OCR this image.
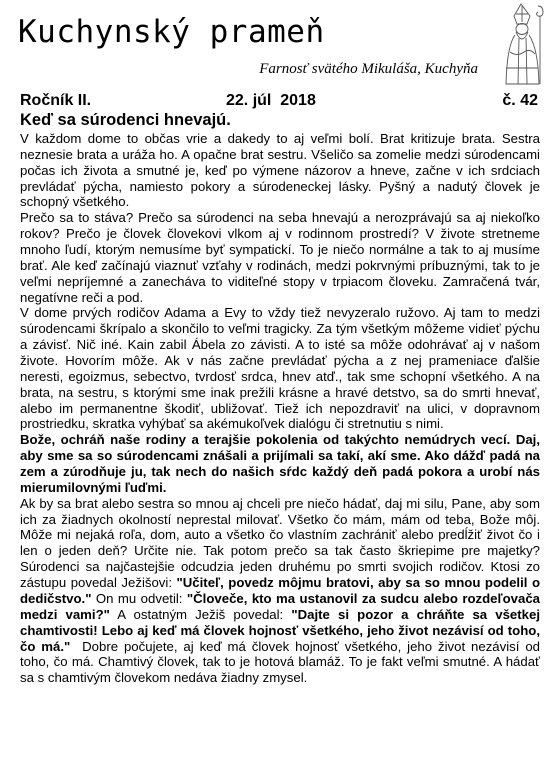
Kuchynský prameň
Farnosť svätého Mikuláša, Kuchyňa
Ročník II.	22. júl  2018	č. 42
Keď sa súrodenci hnevajú.

V každom dome to občas vrie a dakedy to aj veľmi bolí. Brat kritizuje brata. Sestra neznesie brata a uráža ho. A opačne brat sestru. Všeličo sa zomelie medzi súrodencami počas ich života a smutné je, keď po výmene názorov a hneve, začne v ich srdciach prevládať pýcha, namiesto pokory a súrodeneckej lásky. Pyšný a nadutý človek je schopný všetkého.

Prečo sa to stáva? Prečo sa súrodenci na seba hnevajú a nerozprávajú sa aj niekoľko rokov? Prečo je človek človekovi vlkom aj v rodinnom prostredí? V živote stretneme mnoho ľudí, ktorým nemusíme byť sympatickí. To je niečo normálne a tak to aj musíme brať. Ale keď začínajú viaznuť vzťahy v rodinách, medzi pokrvnými príbuznými, tak to je veľmi nepríjemné a zanecháva to viditeľné stopy v trpiacom človeku. Zamračená tvár, negatívne reči a pod.

V dome prvých rodičov Adama a Evy to vždy tiež nevyzeralo ružovo. Aj tam to medzi súrodencami škrípalo a skončilo to veľmi tragicky. Za tým všetkým môžeme vidieť pýchu a závisť. Nič iné. Kain zabil Ábela zo závisti. A to isté sa môže odohrávať aj v našom živote. Hovorím môže. Ak v nás začne prevládať pýcha a z nej prameniace ďalšie neresti, egoizmus, sebectvo, tvrdosť srdca, hnev atď., tak sme schopní všetkého. A na brata, na sestru, s ktorými sme inak prežili krásne a hravé detstvo, sa do smrti hnevať, alebo im permanentne škodiť, ubližovať. Tiež ich nepozdraviť na ulici, v dopravnom prostriedku, skratka vyhýbať sa akémukoľvek dialógu či stretnutiu s nimi.

Bože, ochráň naše rodiny a terajšie pokolenia od takýchto nemúdrych vecí. Daj, aby sme sa so súrodencami znášali a prijímali sa takí, akí sme. Ako dážď padá na zem a zúrodňuje ju, tak nech do našich sŕdc každý deň padá pokora a urobí nás mierumilovnými ľuďmi.

Ak by sa brat alebo sestra so mnou aj chceli pre niečo hádať, daj mi silu, Pane, aby som ich za žiadnych okolností neprestal milovať. Všetko čo mám, mám od teba, Bože môj. Môže mi nejaká roľa, dom, auto a všetko čo vlastním zachrániť alebo predĺžiť život čo i len o jeden deň? Určite nie. Tak potom prečo sa tak často škriepime pre majetky? Súrodenci sa najčastejšie odcudzia jeden druhému po smrti svojich rodičov. Ktosi zo zástupu povedal Ježišovi: "Učiteľ, povedz môjmu bratovi, aby sa so mnou podelil o dedičstvo." On mu odvetil: "Človeče, kto ma ustanovil za sudcu alebo rozdeľovača medzi vami?" A ostatným Ježiš povedal: "Dajte si pozor a chráňte sa všetkej chamtivosti! Lebo aj keď má človek hojnosť všetkého, jeho život nezávisí od toho, čo má."  Dobre počujete, aj keď má človek hojnosť všetkého, jeho život nezávisí od toho, čo má. Chamtivý človek, tak to je hotová blamáž. To je fakt veľmi smutné. A hádať sa s chamtivým človekom nedáva žiadny zmysel.
